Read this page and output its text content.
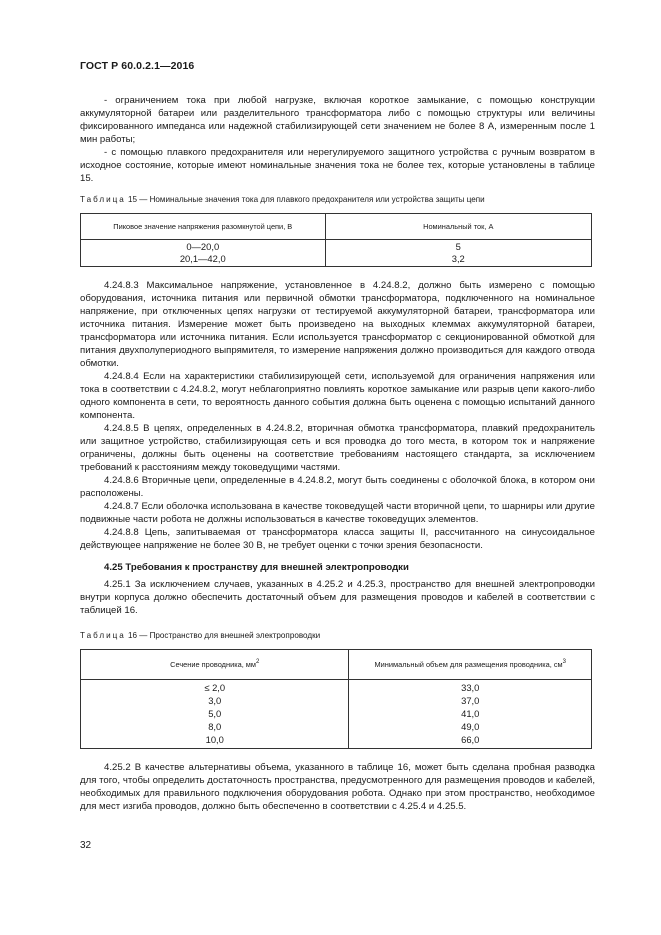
ГОСТ Р 60.0.2.1—2016

- ограничением тока при любой нагрузке, включая короткое замыкание, с помощью конструкции аккумуляторной батареи или разделительного трансформатора либо с помощью структуры или величины фиксированного импеданса или надежной стабилизирующей сети значением не более 8 А, измеренным после 1 мин работы;

- с помощью плавкого предохранителя или нерегулируемого защитного устройства с ручным возвратом в исходное состояние, которые имеют номинальные значения тока не более тех, которые установлены в таблице 15.

Таблица 15 — Номинальные значения тока для плавкого предохранителя или устройства защиты цепи

Пиковое значение напряжения разомкнутой цепи, В	Номинальный ток, А
0—20,0
20,1—42,0
5
3,2

4.24.8.3 Максимальное напряжение, установленное в 4.24.8.2, должно быть измерено с помощью оборудования, источника питания или первичной обмотки трансформатора, подключенного на номинальное напряжение, при отключенных цепях нагрузки от тестируемой аккумуляторной батареи, трансформатора или источника питания. Измерение может быть произведено на выходных клеммах аккумуляторной батареи, трансформатора или источника питания. Если используется трансформатор с секционированной обмоткой для питания двухполупериодного выпрямителя, то измерение напряжения должно производиться для каждого отвода обмотки.

4.24.8.4 Если на характеристики стабилизирующей сети, используемой для ограничения напряжения или тока в соответствии с 4.24.8.2, могут неблагоприятно повлиять короткое замыкание или разрыв цепи какого-либо одного компонента в сети, то вероятность данного события должна быть оценена с помощью испытаний данного компонента.

4.24.8.5 В цепях, определенных в 4.24.8.2, вторичная обмотка трансформатора, плавкий предохранитель или защитное устройство, стабилизирующая сеть и вся проводка до того места, в котором ток и напряжение ограничены, должны быть оценены на соответствие требованиям настоящего стандарта, за исключением требований к расстояниям между токоведущими частями.

4.24.8.6 Вторичные цепи, определенные в 4.24.8.2, могут быть соединены с оболочкой блока, в котором они расположены.

4.24.8.7 Если оболочка использована в качестве токоведущей части вторичной цепи, то шарниры или другие подвижные части робота не должны использоваться в качестве токоведущих элементов.

4.24.8.8 Цепь, запитываемая от трансформатора класса защиты II, рассчитанного на синусоидальное действующее напряжение не более 30 В, не требует оценки с точки зрения безопасности.

4.25 Требования к пространству для внешней электропроводки

4.25.1 За исключением случаев, указанных в 4.25.2 и 4.25.3, пространство для внешней электропроводки внутри корпуса должно обеспечить достаточный объем для размещения проводов и кабелей в соответствии с таблицей 16.

Таблица 16 — Пространство для внешней электропроводки

Сечение проводника, $мм^2$	Минимальный объем для размещения проводника, $см^3$
≤ 2,0
3,0
5,0
8,0
10,0
33,0
37,0
41,0
49,0
66,0

4.25.2 В качестве альтернативы объема, указанного в таблице 16, может быть сделана пробная разводка для того, чтобы определить достаточность пространства, предусмотренного для размещения проводов и кабелей, необходимых для правильного подключения оборудования робота. Однако при этом пространство, необходимое для мест изгиба проводов, должно быть обеспеченно в соответствии с 4.25.4 и 4.25.5.

32
